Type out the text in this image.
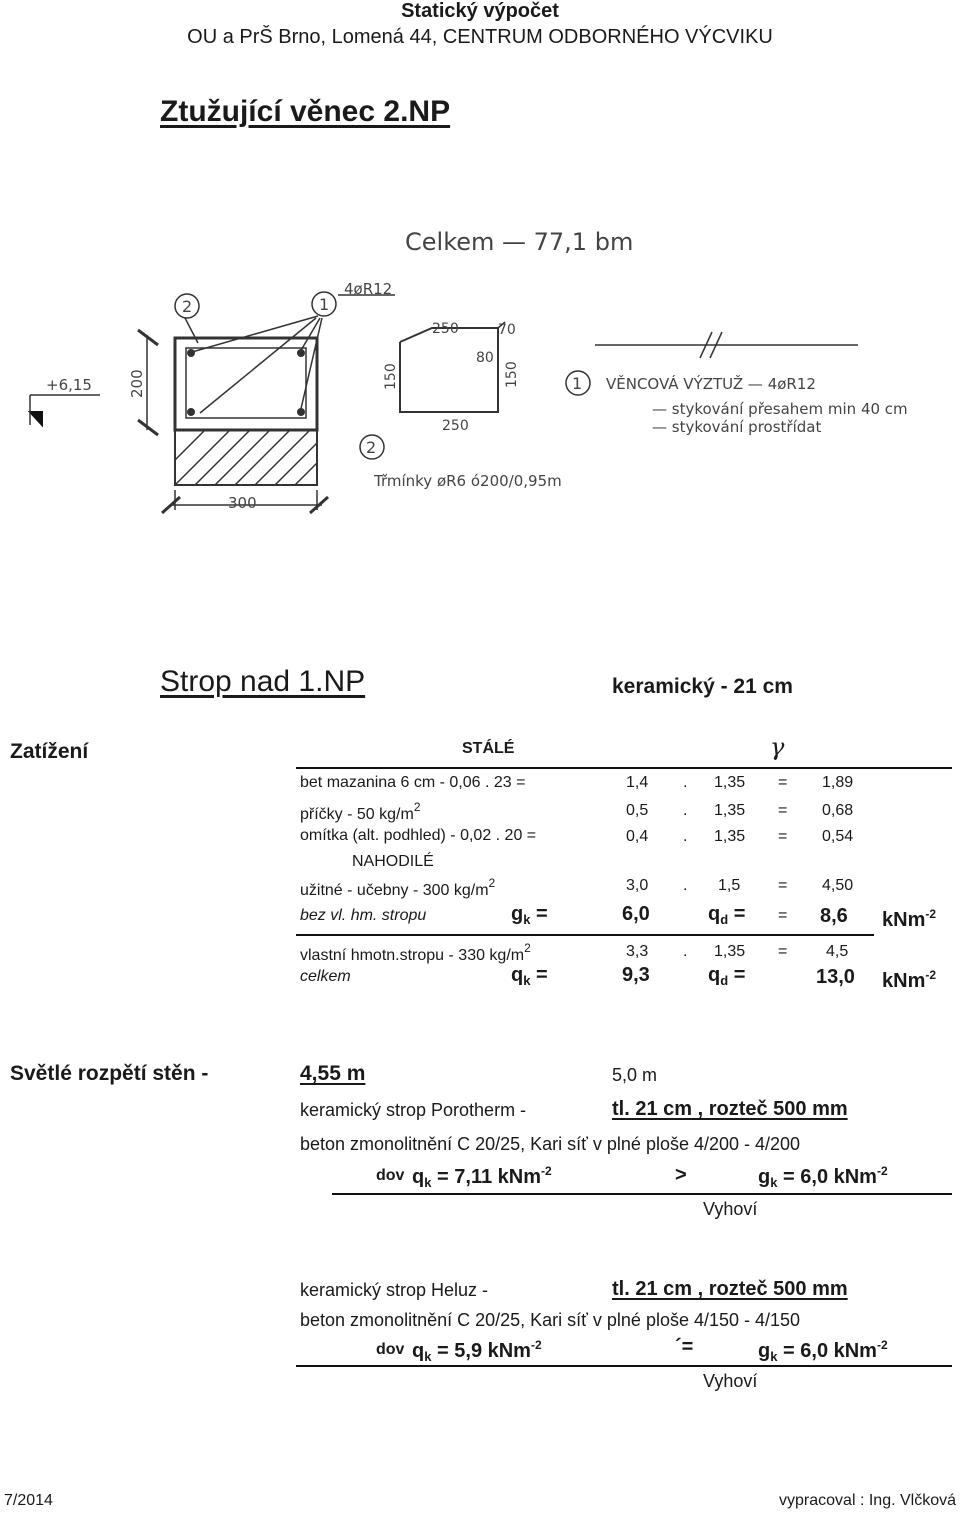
Statický výpočet
OU a PrŠ Brno, Lomená 44, CENTRUM ODBORNÉHO VÝCVIKU
Ztužující věnec 2.NP
Celkem — 77,1 bm
4øR12
2	1
1
2
+6,15 200
300
250	70
80
150	150
250
VĚNCOVÁ VÝZTUŽ — 4øR12
— stykování přesahem min 40 cm
— stykování prostřídat
Třmínky øR6 ó200/0,95m
Strop nad 1.NP	keramický - 21 cm
Zatížení	STÁLÉ	γ
bet mazanina 6 cm - 0,06 . 23 =	1,4 . 1,35 = 1,89
příčky - 50 $kg/m^2$	0,5 . 1,35 = 0,68
omítka (alt. podhled) - 0,02 . 20 =	0,4 . 1,35 = 0,54
NAHODILÉ
užitné - učebny - 300 $kg/m^2$	3,0 . 1,5 = 4,50
bez vl. hm. stropu	$g_k$ =	6,0	$q_d$ = = 8,6 kNm$^{-2}$
vlastní hmotn.stropu - 330 $kg/m^2$	3,3 . 1,35 = 4,5
celkem	$q_k$ =	9,3	$q_d$ =	13,0 kNm$^{-2}$
Světlé rozpětí stěn -	4,55 m	5,0 m
keramický strop Porotherm -	tl. 21 cm , rozteč 500 mm
beton zmonolitnění C 20/25, Kari síť v plné ploše 4/200 - 4/200
dov $q_k = 7,11$ kNm$^{-2}$	>	$g_k = 6,0$ kNm$^{-2}$
Vyhoví
keramický strop Heluz -	tl. 21 cm , rozteč 500 mm
beton zmonolitnění C 20/25, Kari síť v plné ploše 4/150 - 4/150
dov $q_k = 5,9$ kNm$^{-2}$	´=	$g_k = 6,0$ kNm$^{-2}$
Vyhoví
7/2014	vypracoval : Ing. Vlčková
